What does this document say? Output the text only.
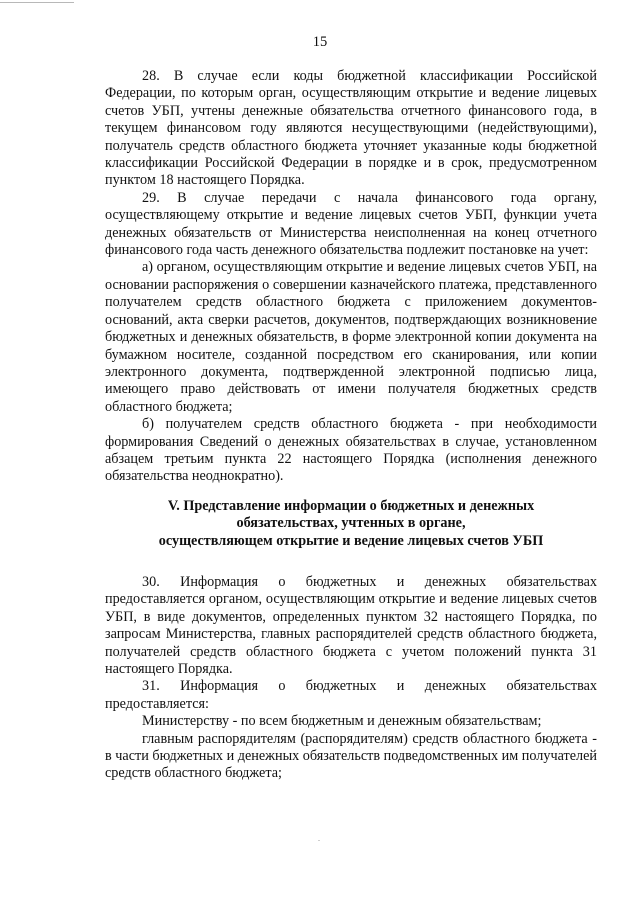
15

28. В случае если коды бюджетной классификации Российской Федерации, по которым орган, осуществляющим открытие и ведение лицевых счетов УБП, учтены денежные обязательства отчетного финансового года, в текущем финансовом году являются несуществующими (недействующими), получатель средств областного бюджета уточняет указанные коды бюджетной классификации Российской Федерации в порядке и в срок, предусмотренном пунктом 18 настоящего Порядка.

29. В случае передачи с начала финансового года органу, осуществляющему открытие и ведение лицевых счетов УБП, функции учета денежных обязательств от Министерства неисполненная на конец отчетного финансового года часть денежного обязательства подлежит постановке на учет:

а) органом, осуществляющим открытие и ведение лицевых счетов УБП, на основании распоряжения о совершении казначейского платежа, представленного получателем средств областного бюджета с приложением документов-оснований, акта сверки расчетов, документов, подтверждающих возникновение бюджетных и денежных обязательств, в форме электронной копии документа на бумажном носителе, созданной посредством его сканирования, или копии электронного документа, подтвержденной электронной подписью лица, имеющего право действовать от имени получателя бюджетных средств областного бюджета;

б) получателем средств областного бюджета - при необходимости формирования Сведений о денежных обязательствах в случае, установленном абзацем третьим пункта 22 настоящего Порядка (исполнения денежного обязательства неоднократно).

V. Представление информации о бюджетных и денежных
обязательствах, учтенных в органе,
осуществляющем открытие и ведение лицевых счетов УБП

30. Информация о бюджетных и денежных обязательствах предоставляется органом, осуществляющим открытие и ведение лицевых счетов УБП, в виде документов, определенных пунктом 32 настоящего Порядка, по запросам Министерства, главных распорядителей средств областного бюджета, получателей средств областного бюджета с учетом положений пункта 31 настоящего Порядка.

31. Информация о бюджетных и денежных обязательствах предоставляется:

Министерству - по всем бюджетным и денежным обязательствам;

главным распорядителям (распорядителям) средств областного бюджета - в части бюджетных и денежных обязательств подведомственных им получателей средств областного бюджета;
